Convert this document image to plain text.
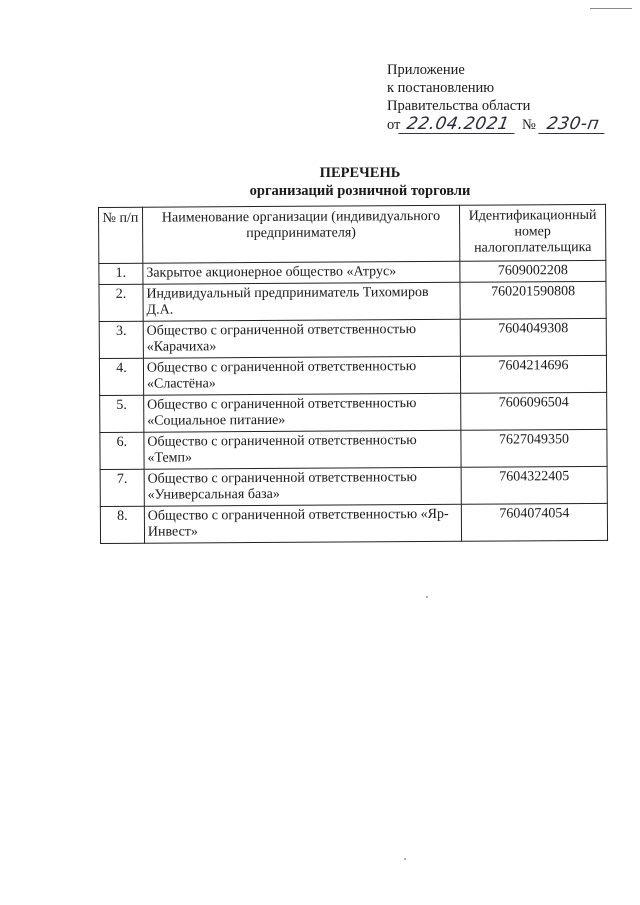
Приложение
к постановлению
Правительства области
от 22.04.2021 № 230-п
ПЕРЕЧЕНЬ
организаций розничной торговли
№ п/п	Наименование организации (индивидуального предпринимателя)	Идентификационный номер налогоплательщика
1.	Закрытое акционерное общество «Атрус»	7609002208
2.	Индивидуальный предприниматель Тихомиров Д.А.	760201590808
3.	Общество с ограниченной ответственностью «Карачиха»	7604049308
4.	Общество с ограниченной ответственностью «Сластёна»	7604214696
5.	Общество с ограниченной ответственностью «Социальное питание»	7606096504
6.	Общество с ограниченной ответственностью «Темп»	7627049350
7.	Общество с ограниченной ответственностью «Универсальная база»	7604322405
8.	Общество с ограниченной ответственностью «Яр-Инвест»	7604074054
